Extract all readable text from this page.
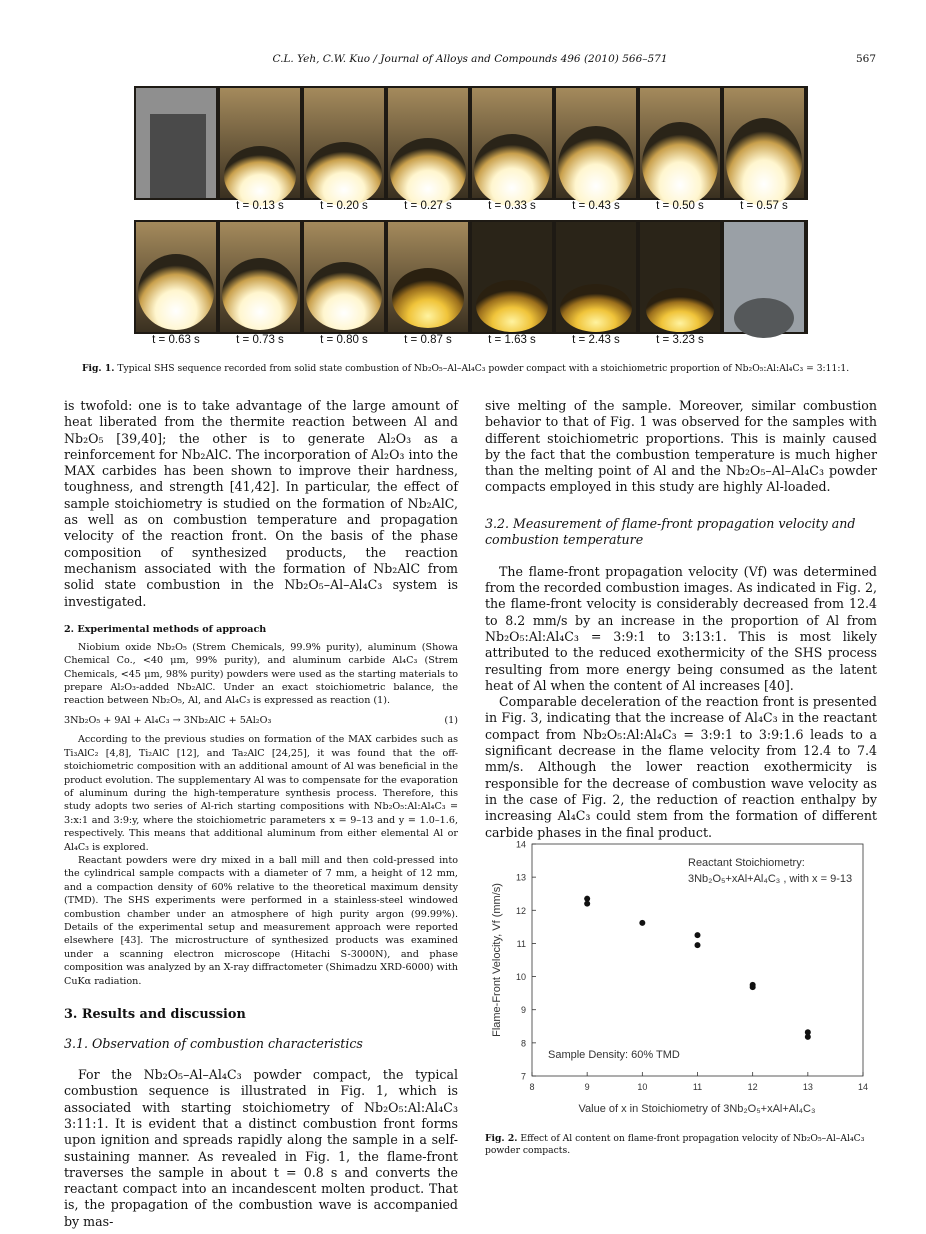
C.L. Yeh, C.W. Kuo / Journal of Alloys and Compounds 496 (2010) 566–571	567
t = 0.13 s	t = 0.20 s	t = 0.27 s	t = 0.33 s	t = 0.43 s	t = 0.50 s	t = 0.57 s
t = 0.63 s	t = 0.73 s	t = 0.80 s	t = 0.87 s	t = 1.63 s	t = 2.43 s	t = 3.23 s
Fig. 1. Typical SHS sequence recorded from solid state combustion of Nb₂O₅–Al–Al₄C₃ powder compact with a stoichiometric proportion of Nb₂O₅:Al:Al₄C₃ = 3:11:1.

is twofold: one is to take advantage of the large amount of heat liberated from the thermite reaction between Al and Nb₂O₅ [39,40]; the other is to generate Al₂O₃ as a reinforcement for Nb₂AlC. The incorporation of Al₂O₃ into the MAX carbides has been shown to improve their hardness, toughness, and strength [41,42]. In particular, the effect of sample stoichiometry is studied on the formation of Nb₂AlC, as well as on combustion temperature and propagation velocity of the reaction front. On the basis of the phase composition of synthesized products, the reaction mechanism associated with the formation of Nb₂AlC from solid state combustion in the Nb₂O₅–Al–Al₄C₃ system is investigated.

2. Experimental methods of approach

Niobium oxide Nb₂O₅ (Strem Chemicals, 99.9% purity), aluminum (Showa Chemical Co., <40 μm, 99% purity), and aluminum carbide Al₄C₃ (Strem Chemicals, <45 μm, 98% purity) powders were used as the starting materials to prepare Al₂O₃-added Nb₂AlC. Under an exact stoichiometric balance, the reaction between Nb₂O₅, Al, and Al₄C₃ is expressed as reaction (1).

3Nb₂O₅ + 9Al + Al₄C₃ → 3Nb₂AlC + 5Al₂O₃	(1)

According to the previous studies on formation of the MAX carbides such as Ti₃AlC₂ [4,8], Ti₂AlC [12], and Ta₂AlC [24,25], it was found that the off-stoichiometric composition with an additional amount of Al was beneficial in the product evolution. The supplementary Al was to compensate for the evaporation of aluminum during the high-temperature synthesis process. Therefore, this study adopts two series of Al-rich starting compositions with Nb₂O₅:Al:Al₄C₃ = 3:x:1 and 3:9:y, where the stoichiometric parameters x = 9–13 and y = 1.0–1.6, respectively. This means that additional aluminum from either elemental Al or Al₄C₃ is explored.

Reactant powders were dry mixed in a ball mill and then cold-pressed into the cylindrical sample compacts with a diameter of 7 mm, a height of 12 mm, and a compaction density of 60% relative to the theoretical maximum density (TMD). The SHS experiments were performed in a stainless-steel windowed combustion chamber under an atmosphere of high purity argon (99.99%). Details of the experimental setup and measurement approach were reported elsewhere [43]. The microstructure of synthesized products was examined under a scanning electron microscope (Hitachi S-3000N), and phase composition was analyzed by an X-ray diffractometer (Shimadzu XRD-6000) with CuKα radiation.

3. Results and discussion

3.1. Observation of combustion characteristics

For the Nb₂O₅–Al–Al₄C₃ powder compact, the typical combustion sequence is illustrated in Fig. 1, which is associated with starting stoichiometry of Nb₂O₅:Al:Al₄C₃ 3:11:1. It is evident that a distinct combustion front forms upon ignition and spreads rapidly along the sample in a self-sustaining manner. As revealed in Fig. 1, the flame-front traverses the sample in about t = 0.8 s and converts the reactant compact into an incandescent molten product. That is, the propagation of the combustion wave is accompanied by mas-

sive melting of the sample. Moreover, similar combustion behavior to that of Fig. 1 was observed for the samples with different stoichiometric proportions. This is mainly caused by the fact that the combustion temperature is much higher than the melting point of Al and the Nb₂O₅–Al–Al₄C₃ powder compacts employed in this study are highly Al-loaded.

3.2. Measurement of flame-front propagation velocity and combustion temperature

The flame-front propagation velocity (Vf) was determined from the recorded combustion images. As indicated in Fig. 2, the flame-front velocity is considerably decreased from 12.4 to 8.2 mm/s by an increase in the proportion of Al from Nb₂O₅:Al:Al₄C₃ = 3:9:1 to 3:13:1. This is most likely attributed to the reduced exothermicity of the SHS process resulting from more energy being consumed as the latent heat of Al when the content of Al increases [40].

Comparable deceleration of the reaction front is presented in Fig. 3, indicating that the increase of Al₄C₃ in the reactant compact from Nb₂O₅:Al:Al₄C₃ = 3:9:1 to 3:9:1.6 leads to a significant decrease in the flame velocity from 12.4 to 7.4 mm/s. Although the lower reaction exothermicity is responsible for the decrease of combustion wave velocity as in the case of Fig. 2, the reduction of reaction enthalpy by increasing Al₄C₃ could stem from the formation of different carbide phases in the final product.

7
8
9
10
11
12
13
14
8	9	10	11	12	13	14
Reactant Stoichiometry:
3Nb₂O₅+xAl+Al₄C₃ , with x = 9-13
Sample Density: 60% TMD
Value of x in Stoichiometry of 3Nb₂O₅+xAl+Al₄C₃
Flame-Front Velocity, Vf (mm/s)
Fig. 2. Effect of Al content on flame-front propagation velocity of Nb₂O₅–Al–Al₄C₃ powder compacts.
